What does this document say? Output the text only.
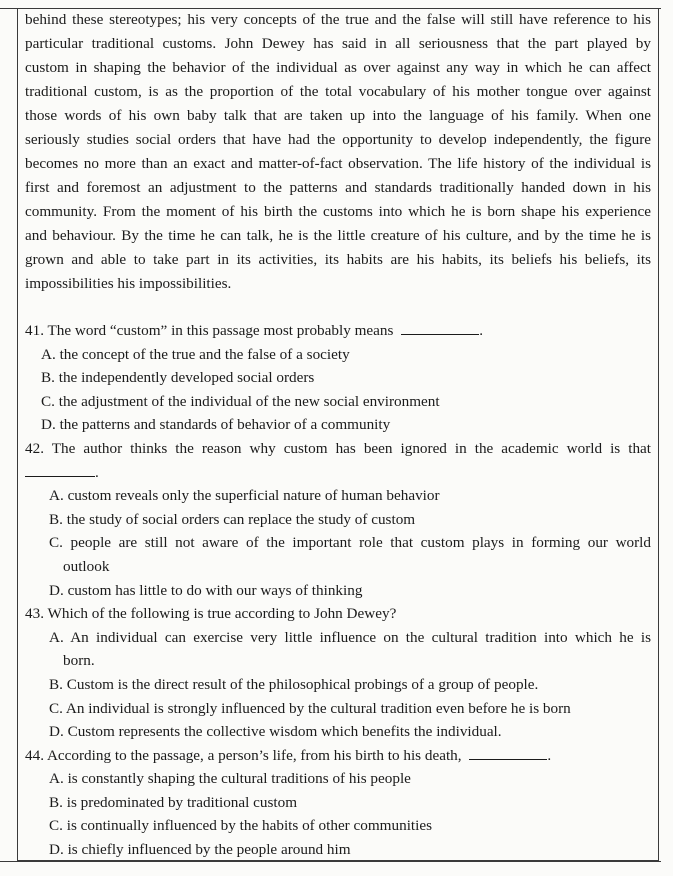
behind these stereotypes; his very concepts of the true and the false will still have reference to his
particular traditional customs. John Dewey has said in all seriousness that the part played by
custom in shaping the behavior of the individual as over against any way in which he can affect
traditional custom, is as the proportion of the total vocabulary of his mother tongue over against
those words of his own baby talk that are taken up into the language of his family. When one
seriously studies social orders that have had the opportunity to develop independently, the figure
becomes no more than an exact and matter-of-fact observation. The life history of the individual is
first and foremost an adjustment to the patterns and standards traditionally handed down in his
community. From the moment of his birth the customs into which he is born shape his experience
and behaviour. By the time he can talk, he is the little creature of his culture, and by the time he is
grown and able to take part in its activities, its habits are his habits, its beliefs his beliefs, its
impossibilities his impossibilities.
41. The word “custom” in this passage most probably means	.
A. the concept of the true and the false of a society
B. the independently developed social orders
C. the adjustment of the individual of the new social environment
D. the patterns and standards of behavior of a community
42. The author thinks the reason why custom has been ignored in the academic world is that
.
A. custom reveals only the superficial nature of human behavior
B. the study of social orders can replace the study of custom
C. people are still not aware of the important role that custom plays in forming our world
outlook
D. custom has little to do with our ways of thinking
43. Which of the following is true according to John Dewey?
A. An individual can exercise very little influence on the cultural tradition into which he is
born.
B. Custom is the direct result of the philosophical probings of a group of people.
C. An individual is strongly influenced by the cultural tradition even before he is born
D. Custom represents the collective wisdom which benefits the individual.
44. According to the passage, a person’s life, from his birth to his death,	.
A. is constantly shaping the cultural traditions of his people
B. is predominated by traditional custom
C. is continually influenced by the habits of other communities
D. is chiefly influenced by the people around him
